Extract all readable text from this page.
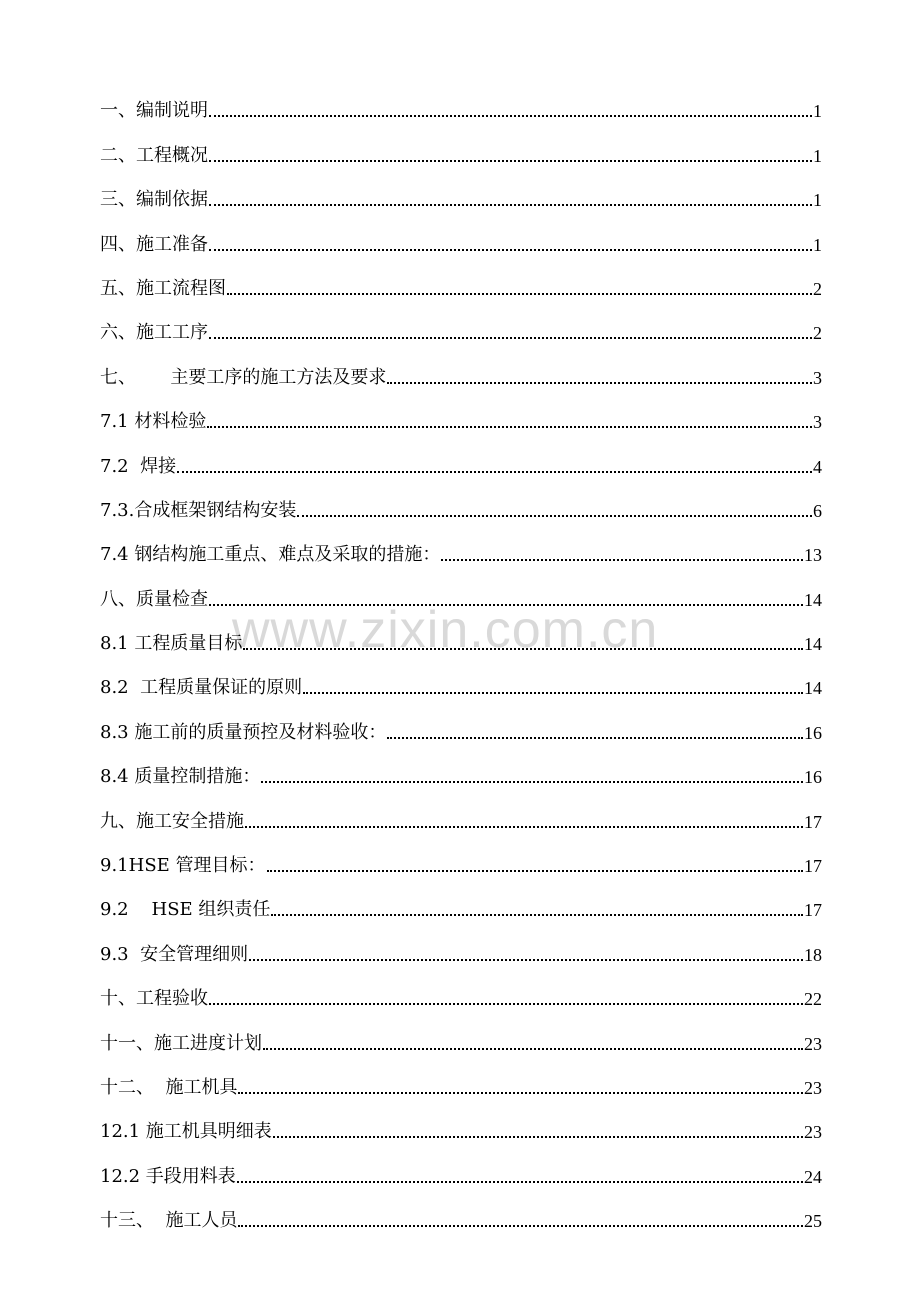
www.zixin.com.cn
一、编制说明	1
二、工程概况	1
三、编制依据	1
四、施工准备	1
五、施工流程图	2
六、施工工序	2
七、      主要工序的施工方法及要求	3
7.1 材料检验	3
7.2  焊接	4
7.3.合成框架钢结构安装	6
7.4 钢结构施工重点、难点及采取的措施：	13
八、质量检查	14
8.1 工程质量目标	14
8.2  工程质量保证的原则	14
8.3 施工前的质量预控及材料验收：	16
8.4 质量控制措施：	16
九、施工安全措施	17
9.1HSE 管理目标：	17
9.2    HSE 组织责任	17
9.3  安全管理细则	18
十、工程验收	22
十一、施工进度计划	23
十二、  施工机具	23
12.1 施工机具明细表	23
12.2 手段用料表	24
十三、  施工人员	25
